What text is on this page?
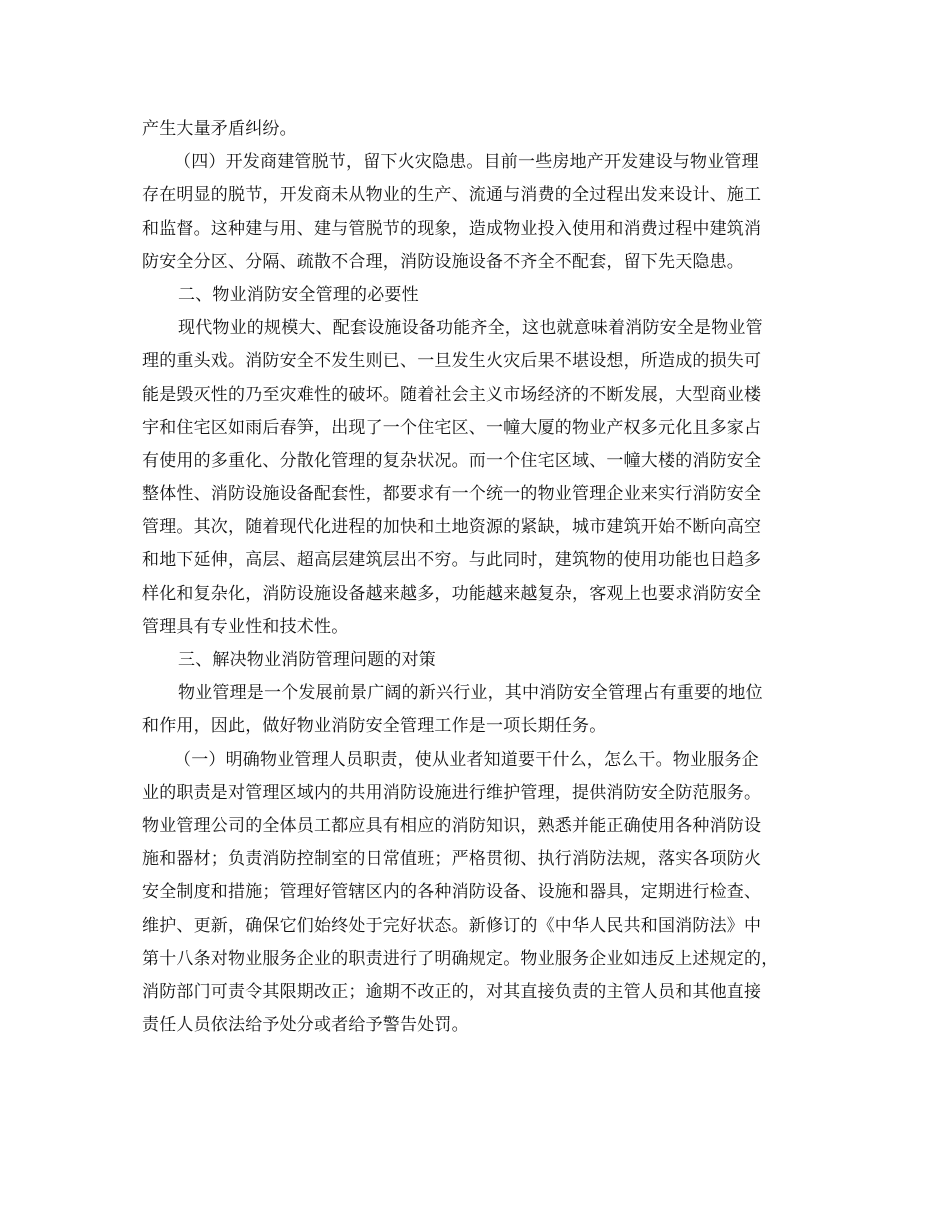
产生大量矛盾纠纷。
（四）开发商建管脱节，留下火灾隐患。目前一些房地产开发建设与物业管理
存在明显的脱节，开发商未从物业的生产、流通与消费的全过程出发来设计、施工
和监督。这种建与用、建与管脱节的现象，造成物业投入使用和消费过程中建筑消
防安全分区、分隔、疏散不合理，消防设施设备不齐全不配套，留下先天隐患。
二、物业消防安全管理的必要性
现代物业的规模大、配套设施设备功能齐全，这也就意味着消防安全是物业管
理的重头戏。消防安全不发生则已、一旦发生火灾后果不堪设想，所造成的损失可
能是毁灭性的乃至灾难性的破坏。随着社会主义市场经济的不断发展，大型商业楼
宇和住宅区如雨后春笋，出现了一个住宅区、一幢大厦的物业产权多元化且多家占
有使用的多重化、分散化管理的复杂状况。而一个住宅区域、一幢大楼的消防安全
整体性、消防设施设备配套性，都要求有一个统一的物业管理企业来实行消防安全
管理。其次，随着现代化进程的加快和土地资源的紧缺，城市建筑开始不断向高空
和地下延伸，高层、超高层建筑层出不穷。与此同时，建筑物的使用功能也日趋多
样化和复杂化，消防设施设备越来越多，功能越来越复杂，客观上也要求消防安全
管理具有专业性和技术性。
三、解决物业消防管理问题的对策
物业管理是一个发展前景广阔的新兴行业，其中消防安全管理占有重要的地位
和作用，因此，做好物业消防安全管理工作是一项长期任务。
（一）明确物业管理人员职责，使从业者知道要干什么，怎么干。物业服务企
业的职责是对管理区域内的共用消防设施进行维护管理，提供消防安全防范服务。
物业管理公司的全体员工都应具有相应的消防知识，熟悉并能正确使用各种消防设
施和器材；负责消防控制室的日常值班；严格贯彻、执行消防法规，落实各项防火
安全制度和措施；管理好管辖区内的各种消防设备、设施和器具，定期进行检查、
维护、更新，确保它们始终处于完好状态。新修订的《中华人民共和国消防法》中
第十八条对物业服务企业的职责进行了明确规定。物业服务企业如违反上述规定的，
消防部门可责令其限期改正；逾期不改正的，对其直接负责的主管人员和其他直接
责任人员依法给予处分或者给予警告处罚。
